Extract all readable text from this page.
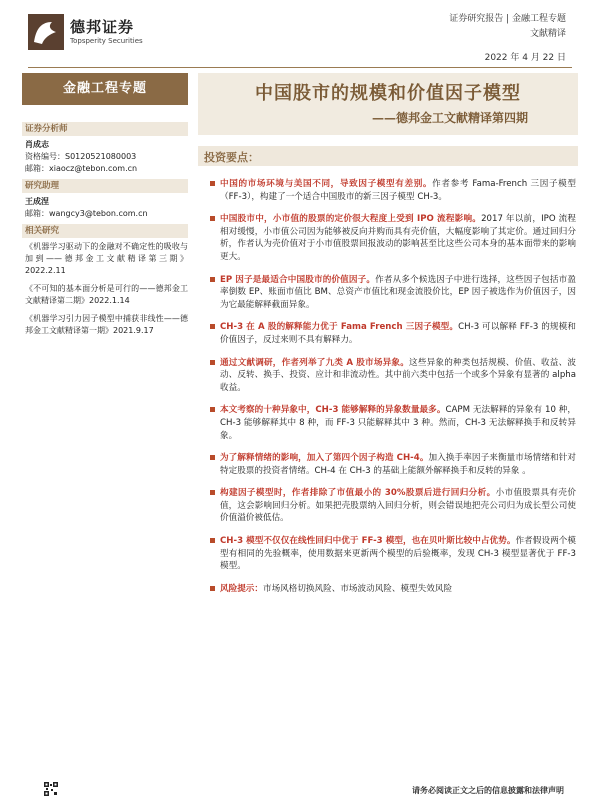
德邦证券
Topsperity Securities
证券研究报告 | 金融工程专题
文献精译
2022 年 4 月 22 日
金融工程专题	中国股市的规模和价值因子模型
——德邦金工文献精译第四期
证券分析师
肖成志
资格编号：S0120521080003
邮箱：xiaocz@tebon.com.cn
研究助理
王成涅
邮箱：wangcy3@tebon.com.cn
相关研究
《机器学习驱动下的金融对不确定性的吸收与加到——德邦金工文献精译第三期》2022.2.11
《不可知的基本面分析是可行的——德邦金工文献精译第二期》2022.1.14
《机器学习引力因子模型中捕获非线性——德邦金工文献精译第一期》2021.9.17
投资要点：
中国的市场环境与美国不同，导致因子模型有差别。作者参考 Fama-French 三因子模型（FF-3），构建了一个适合中国股市的新三因子模型 CH-3。
中国股市中，小市值的股票的定价很大程度上受到 IPO 流程影响。2017 年以前，IPO 流程相对缓慢，小市值公司因为能够被反向并购而具有壳价值，大幅度影响了其定价。通过回归分析，作者认为壳价值对于小市值股票回报波动的影响甚至比这些公司本身的基本面带来的影响更大。
EP 因子是最适合中国股市的价值因子。作者从多个候选因子中进行选择，这些因子包括市盈率倒数 EP、账面市值比 BM、总资产市值比和现金流股价比，EP 因子被选作为价值因子，因为它最能解释截面异象。
CH-3 在 A 股的解释能力优于 Fama French 三因子模型。CH-3 可以解释 FF-3 的规模和价值因子，反过来则不具有解释力。
通过文献调研，作者列举了九类 A 股市场异象。这些异象的种类包括规模、价值、收益、波动、反转、换手、投资、应计和非流动性。其中前六类中包括一个或多个异象有显著的 alpha 收益。
本文考察的十种异象中，CH-3 能够解释的异象数量最多。CAPM 无法解释的异象有 10 种，CH-3 能够解释其中 8 种，而 FF-3 只能解释其中 3 种。然而，CH-3 无法解释换手和反转异象。
为了解释情绪的影响，加入了第四个因子构造 CH-4。加入换手率因子来衡量市场情绪和针对特定股票的投资者情绪。CH-4 在 CH-3 的基础上能额外解释换手和反转的异象 。
构建因子模型时，作者排除了市值最小的 30%股票后进行回归分析。小市值股票具有壳价值，这会影响回归分析。如果把壳股票纳入回归分析，则会错误地把壳公司归为成长型公司使价值溢价被低估。
CH-3 模型不仅仅在线性回归中优于 FF-3 模型，也在贝叶斯比较中占优势。作者假设两个模型有相同的先验概率，使用数据来更新两个模型的后验概率，发现 CH-3 模型显著优于 FF-3 模型。
风险提示：市场风格切换风险、市场波动风险、模型失效风险
请务必阅读正文之后的信息披露和法律声明
